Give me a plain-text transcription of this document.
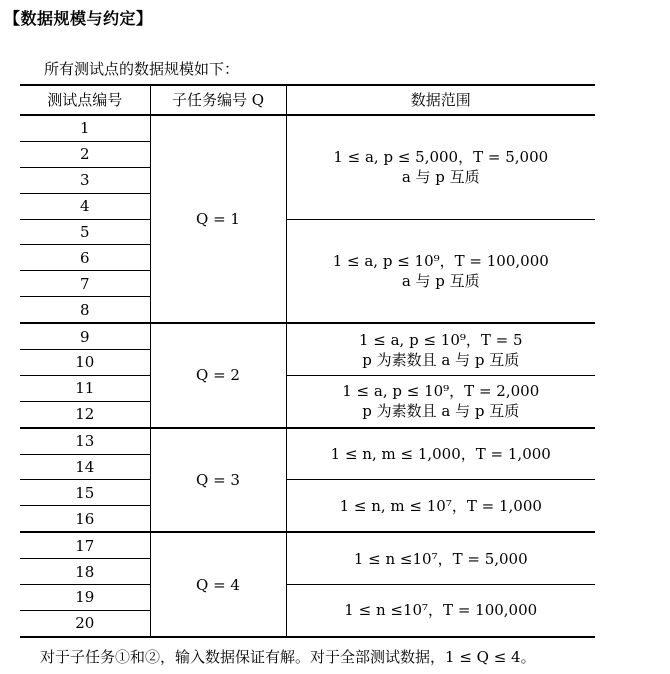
【数据规模与约定】
所有测试点的数据规模如下：
测试点编号	子任务编号 Q	数据范围
1	Q = 1	1 ≤ a, p ≤ 5,000，T = 5,000
a 与 p 互质

2		
3		
4		
5		1 ≤ a, p ≤ 10⁹，T = 100,000
a 与 p 互质

6		
7		
8		
9	Q = 2	1 ≤ a, p ≤ 10⁹，T = 5
p 为素数且 a 与 p 互质

10		
11		1 ≤ a, p ≤ 10⁹，T = 2,000
p 为素数且 a 与 p 互质

12		
13	Q = 3	1 ≤ n, m ≤ 1,000，T = 1,000

14		
15		1 ≤ n, m ≤ 10⁷，T = 1,000

16		
17	Q = 4	1 ≤ n ≤10⁷，T = 5,000

18		
19		1 ≤ n ≤10⁷，T = 100,000

20		
对于子任务①和②，输入数据保证有解。对于全部测试数据，1 ≤ Q ≤ 4。
